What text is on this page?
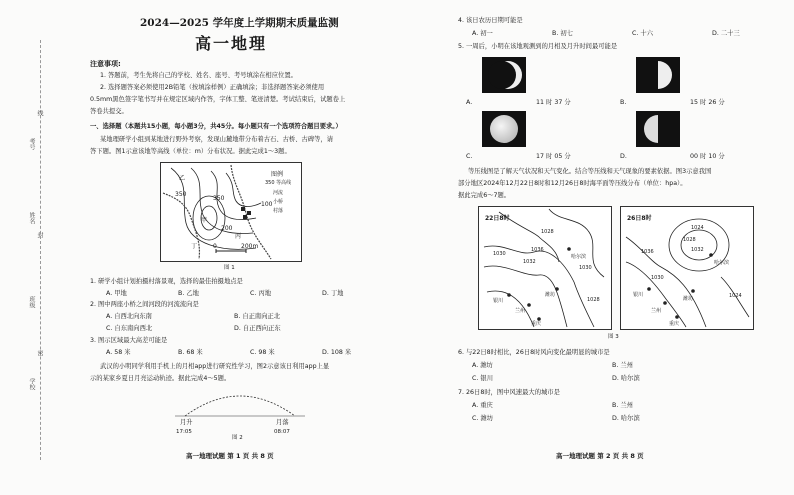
考号
线
姓名
封
班级
密
学校
2024—2025 学年度上学期期末质量监测
高一地理
注意事项:
1. 答题前，考生先将自己的学校、姓名、座号、考号填涂在相应位置。
2. 选择题答案必须使用2B铅笔（按填涂样例）正确填涂；非选择题答案必须使用
0.5mm黑色签字笔书写并在规定区域内作答，字体工整、笔迹清楚。考试结束后，试题卷上
答卷共提交。
一、选择题（本题共15小题，每小题3分，共45分。每小题只有一个选项符合题目要求。）
某地理研学小组到某地进行野外考察，发现山麓地带分布着古石、古桥、古碑等，请
答下题。图1示意该地等高线（单位：m）分布状况。据此完成1～3题。
350
350
200
100
甲
乙
丙
丁	0	200m
图例
350 等高线
河流
小桥
村落
图 1
1. 研学小组计划拍摄村落景观，选择的最佳拍摄地点是
A. 甲地	B. 乙地	C. 丙地	D. 丁地
2. 图中两座小桥之间河段的河流流向是
A. 自西北向东南	B. 自正南向正北
C. 自东南向西北	D. 自正西向正东
3. 图示区域最大高差可能是
A. 58 米	B. 68 米	C. 98 米	D. 108 米
武汉的小明同学利用手机上的月相app进行研究性学习，图2示意该日利用app上显
示的某家乡夏日月亮运动轨迹。据此完成4～5题。
月升
17:05
月落
08:07
图 2
高一地理试题 第 1 页 共 8 页
4. 该日农历日期可能是
A. 初一	B. 初七	C. 十六	D. 二十三
5. 一周后，小明在该地观测到的月相及月升时间最可能是
A.	11 时 37 分	B.	15 时 26 分
C.	17 时 05 分	D.	00 时 10 分
等压线图是了解天气状况和天气变化。结合等压线和天气现象的要素依据。图3示意我国
部分地区2024年12月22日8时和12月26日8时海平面等压线分布（单位：hpa）。
据此完成6～7题。
22日8时
1028
1030
1032
1036
1030
1028
哈尔滨
银川
潍坊
兰州
重庆
26日8时
1024
1028
1032
1036
1030
1024
哈尔滨
银川
潍坊
兰州
重庆
图 3
6. 与22日8时相比，26日8时风向变化最明显的城市是
A. 潍坊	B. 兰州
C. 银川	D. 哈尔滨
7. 26日8时，图中风速最大的城市是
A. 重庆	B. 兰州
C. 潍坊	D. 哈尔滨
高一地理试题 第 2 页 共 8 页
